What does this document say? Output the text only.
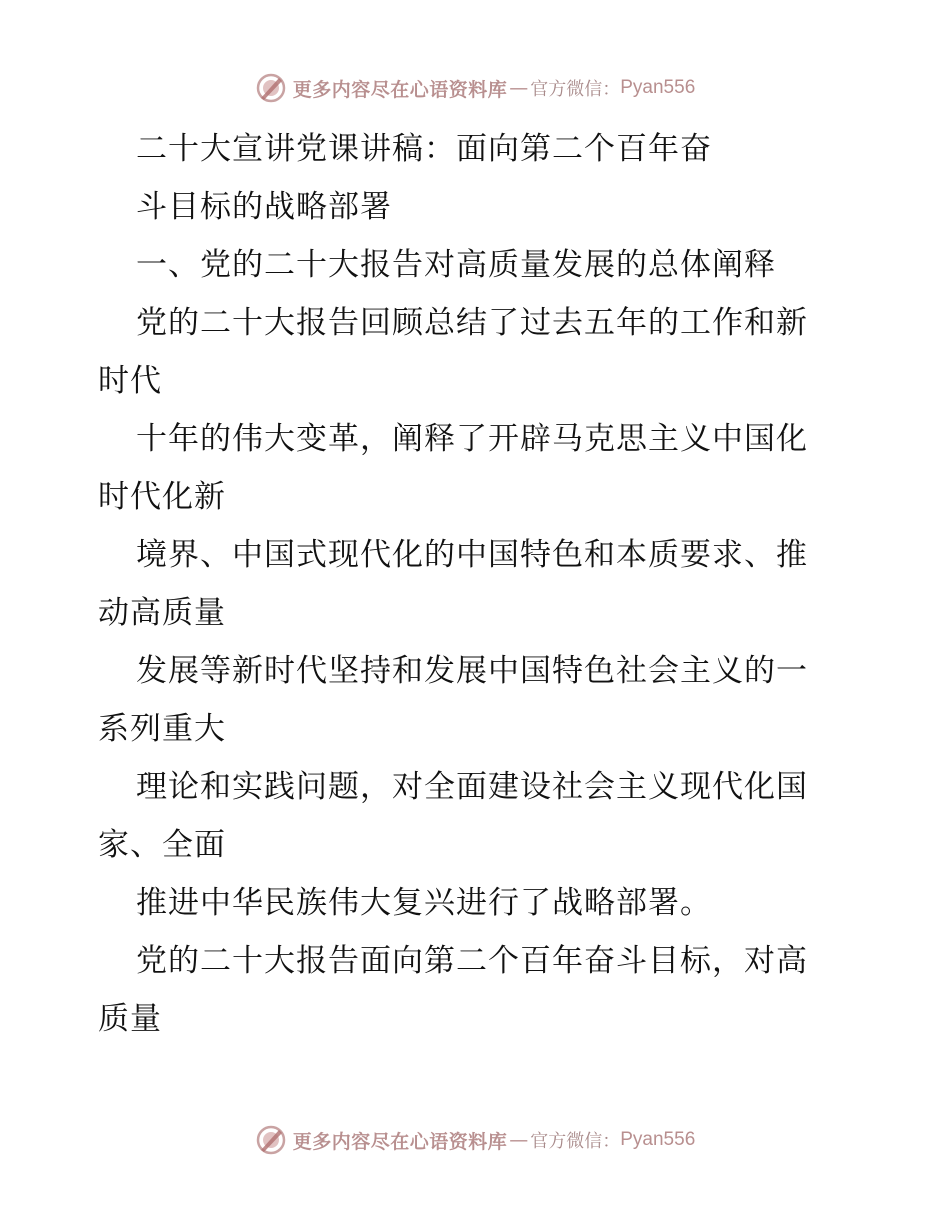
更多内容尽在心语资料库 — 官方微信： Pyan556
二十大宣讲党课讲稿：面向第二个百年奋
斗目标的战略部署
一、党的二十大报告对高质量发展的总体阐释
党的二十大报告回顾总结了过去五年的工作和新
时代
十年的伟大变革，阐释了开辟马克思主义中国化
时代化新
境界、中国式现代化的中国特色和本质要求、推
动高质量
发展等新时代坚持和发展中国特色社会主义的一
系列重大
理论和实践问题，对全面建设社会主义现代化国
家、全面
推进中华民族伟大复兴进行了战略部署。
党的二十大报告面向第二个百年奋斗目标，对高
质量
更多内容尽在心语资料库 — 官方微信： Pyan556
